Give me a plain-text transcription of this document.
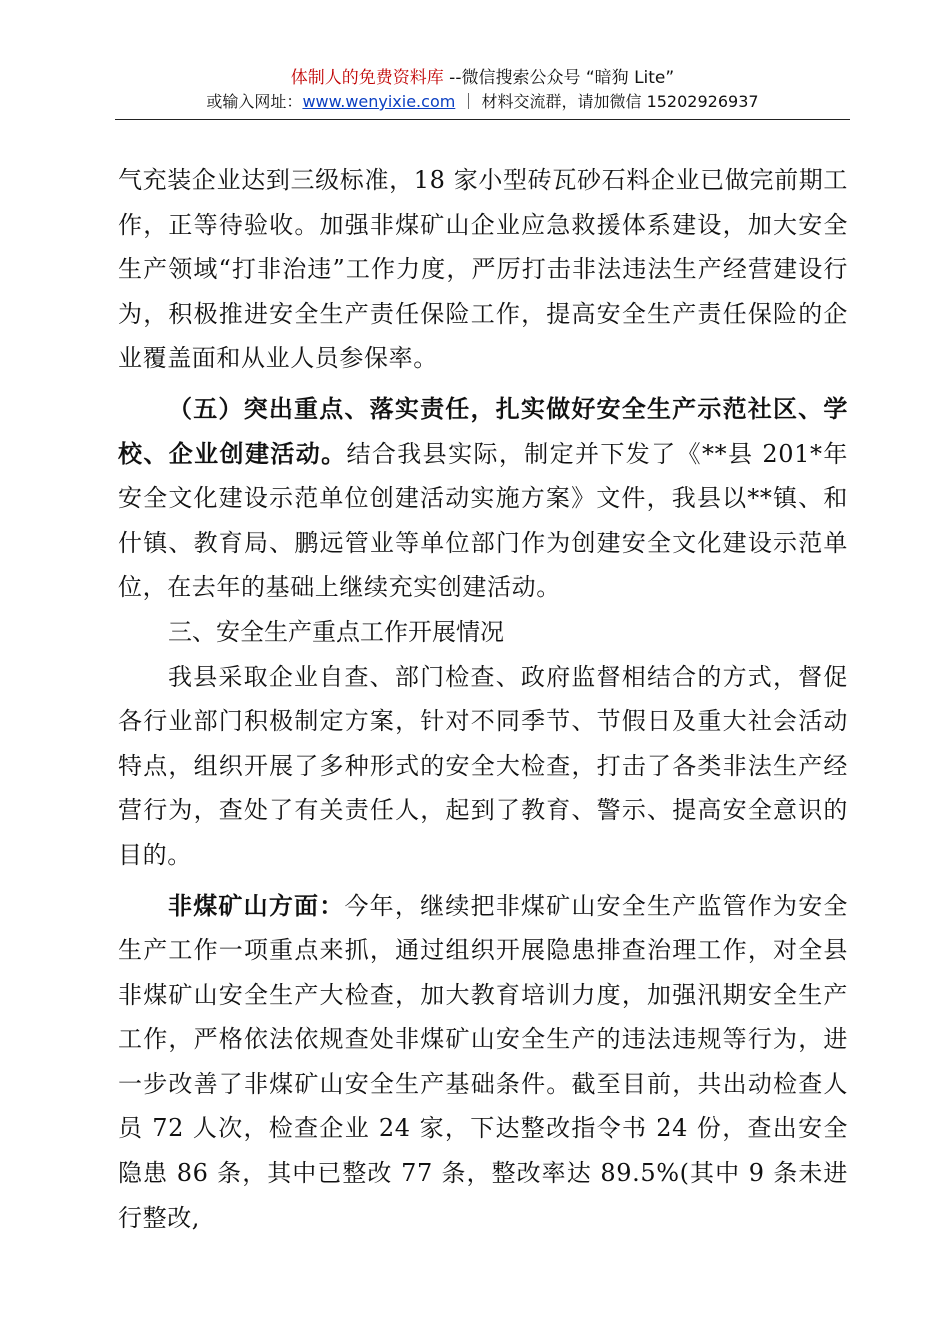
体制人的免费资料库 --微信搜索公众号 “暗狗 Lite”
或输入网址：www.wenyixie.com ｜ 材料交流群，请加微信 15202926937

气充装企业达到三级标准，18 家小型砖瓦砂石料企业已做完前期工作，正等待验收。加强非煤矿山企业应急救援体系建设，加大安全生产领域“打非治违”工作力度，严厉打击非法违法生产经营建设行为，积极推进安全生产责任保险工作，提高安全生产责任保险的企业覆盖面和从业人员参保率。

（五）突出重点、落实责任，扎实做好安全生产示范社区、学校、企业创建活动。结合我县实际，制定并下发了《**县 201*年安全文化建设示范单位创建活动实施方案》文件，我县以**镇、和什镇、教育局、鹏远管业等单位部门作为创建安全文化建设示范单位，在去年的基础上继续充实创建活动。

三、安全生产重点工作开展情况

我县采取企业自查、部门检查、政府监督相结合的方式，督促各行业部门积极制定方案，针对不同季节、节假日及重大社会活动特点，组织开展了多种形式的安全大检查，打击了各类非法生产经营行为，查处了有关责任人，起到了教育、警示、提高安全意识的目的。

非煤矿山方面：今年，继续把非煤矿山安全生产监管作为安全生产工作一项重点来抓，通过组织开展隐患排查治理工作，对全县非煤矿山安全生产大检查，加大教育培训力度，加强汛期安全生产工作，严格依法依规查处非煤矿山安全生产的违法违规等行为，进一步改善了非煤矿山安全生产基础条件。截至目前，共出动检查人员 72 人次，检查企业 24 家，下达整改指令书 24 份，查出安全隐患 86 条，其中已整改 77 条，整改率达 89.5%(其中 9 条未进行整改,
